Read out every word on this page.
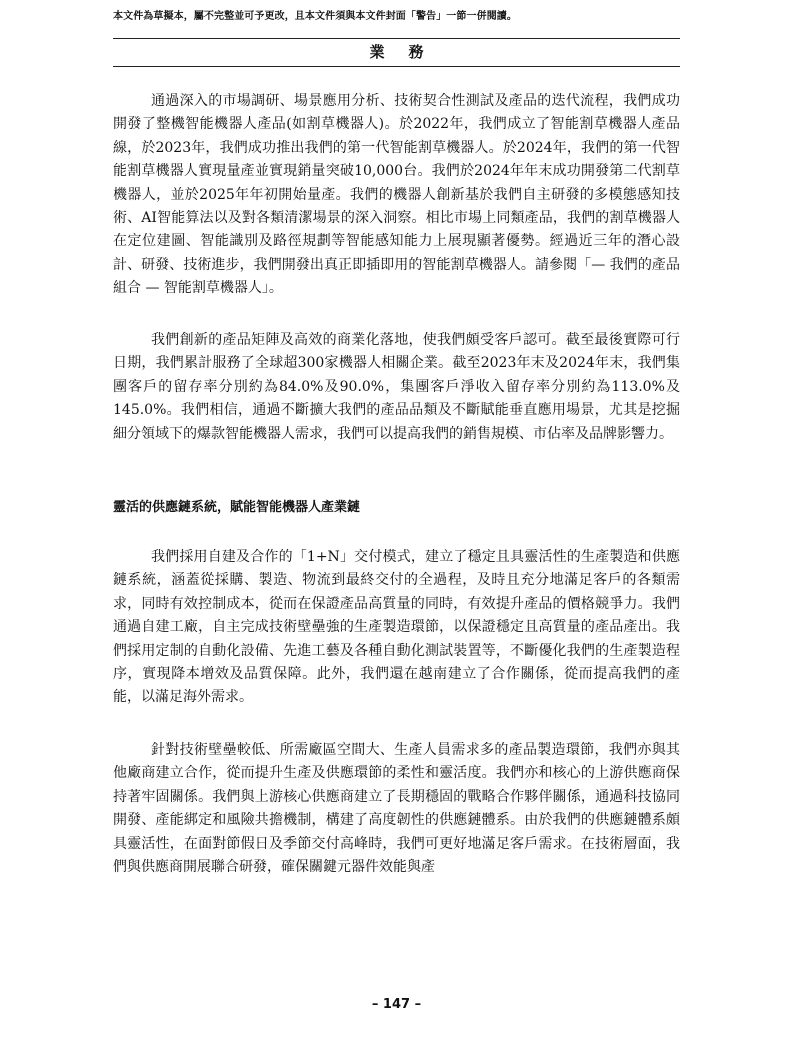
本文件為草擬本，屬不完整並可予更改，且本文件須與本文件封面「警告」一節一併閱讀。
業務

通過深入的市場調研、場景應用分析、技術契合性測試及產品的迭代流程，我們成功開發了整機智能機器人產品(如割草機器人)。於2022年，我們成立了智能割草機器人產品線，於2023年，我們成功推出我們的第一代智能割草機器人。於2024年，我們的第一代智能割草機器人實現量產並實現銷量突破10,000台。我們於2024年年末成功開發第二代割草機器人，並於2025年年初開始量產。我們的機器人創新基於我們自主研發的多模態感知技術、AI智能算法以及對各類清潔場景的深入洞察。相比市場上同類產品，我們的割草機器人在定位建圖、智能識別及路徑規劃等智能感知能力上展現顯著優勢。經過近三年的潛心設計、研發、技術進步，我們開發出真正即插即用的智能割草機器人。請參閱「— 我們的產品組合 — 智能割草機器人」。

我們創新的產品矩陣及高效的商業化落地，使我們頗受客戶認可。截至最後實際可行日期，我們累計服務了全球超300家機器人相關企業。截至2023年末及2024年末，我們集團客戶的留存率分別約為84.0%及90.0%，集團客戶淨收入留存率分別約為113.0%及145.0%。我們相信，通過不斷擴大我們的產品品類及不斷賦能垂直應用場景，尤其是挖掘細分領域下的爆款智能機器人需求，我們可以提高我們的銷售規模、市佔率及品牌影響力。

靈活的供應鏈系統，賦能智能機器人產業鏈

我們採用自建及合作的「1+N」交付模式，建立了穩定且具靈活性的生產製造和供應鏈系統，涵蓋從採購、製造、物流到最終交付的全過程，及時且充分地滿足客戶的各類需求，同時有效控制成本，從而在保證產品高質量的同時，有效提升產品的價格競爭力。我們通過自建工廠，自主完成技術壁壘強的生產製造環節，以保證穩定且高質量的產品產出。我們採用定制的自動化設備、先進工藝及各種自動化測試裝置等，不斷優化我們的生產製造程序，實現降本增效及品質保障。此外，我們還在越南建立了合作關係，從而提高我們的產能，以滿足海外需求。

針對技術壁壘較低、所需廠區空間大、生產人員需求多的產品製造環節，我們亦與其他廠商建立合作，從而提升生產及供應環節的柔性和靈活度。我們亦和核心的上游供應商保持著牢固關係。我們與上游核心供應商建立了長期穩固的戰略合作夥伴關係，通過科技協同開發、產能綁定和風險共擔機制，構建了高度韌性的供應鏈體系。由於我們的供應鏈體系頗具靈活性，在面對節假日及季節交付高峰時，我們可更好地滿足客戶需求。在技術層面，我們與供應商開展聯合研發，確保關鍵元器件效能與產

– 147 –
